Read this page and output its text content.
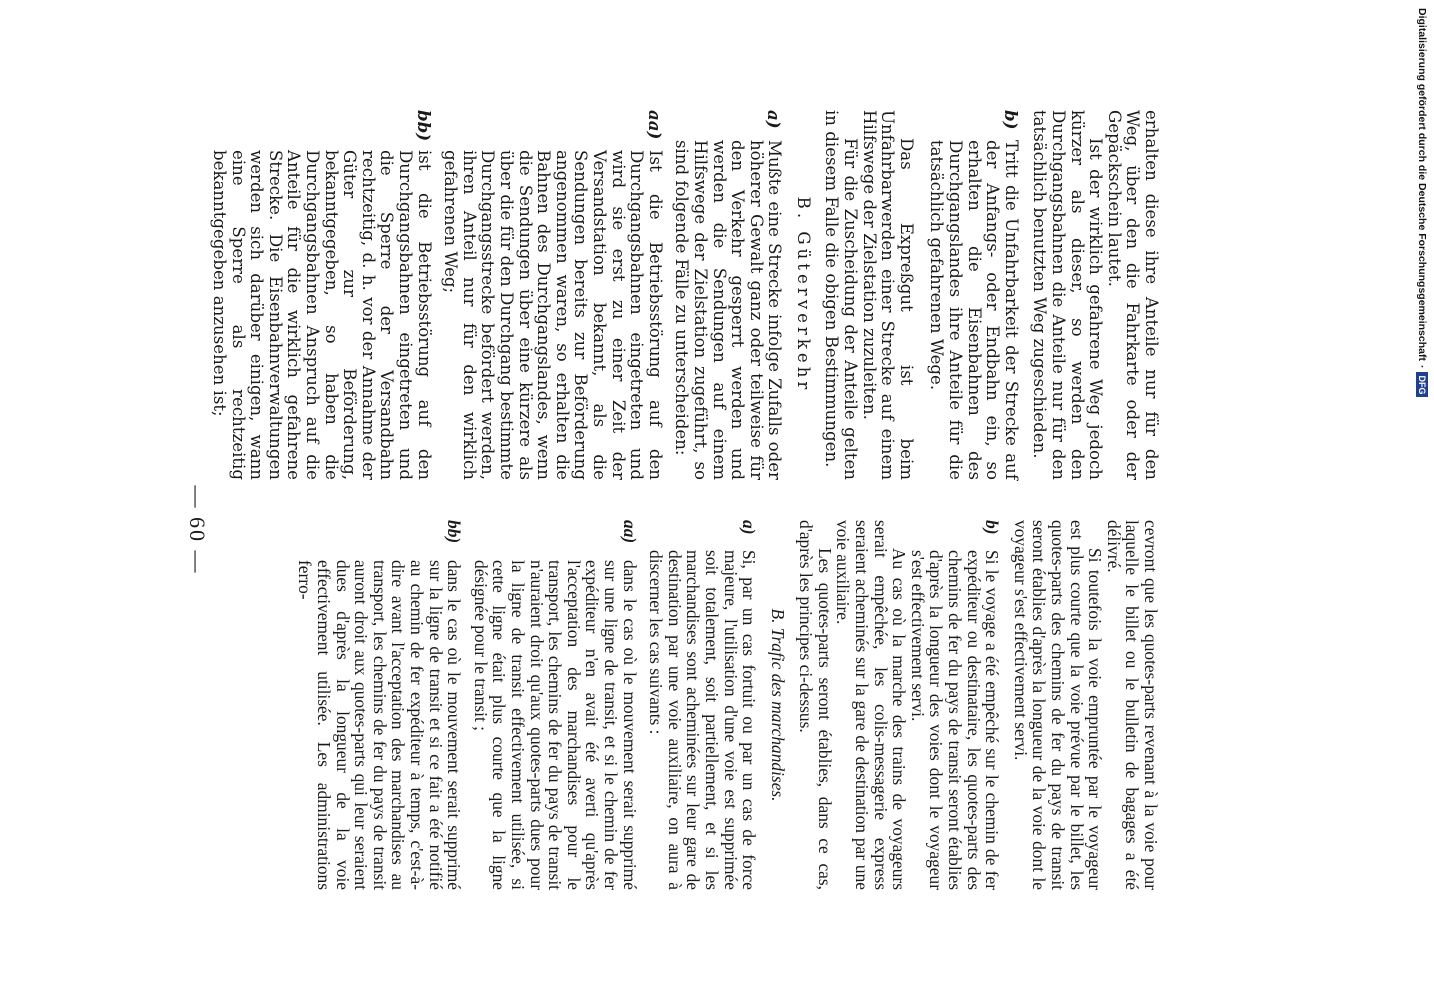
— 60 —	cevront que les quotes-parts revenant à la voie pour laquelle le billet ou le bulletin de bagages a été délivré.

Si toutefois la voie empruntée par le voyageur est plus courte que la voie prévue par le billet, les quotes-parts des chemins de fer du pays de transit seront établies d'après la longueur de la voie dont le voyageur s'est effectivement servi.

b)
Si le voyage a été empêché sur le chemin de fer expéditeur ou destinataire, les quotes-parts des chemins de fer du pays de transit seront établies d'après la longueur des voies dont le voyageur s'est effectivement servi.

Au cas où la marche des trains de voyageurs serait empêchée, les colis-messagerie express seraient acheminés sur la gare de destination par une voie auxiliaire.

Les quotes-parts seront établies, dans ce cas, d'après les principes ci-dessus.

B. Trafic des marchandises.
a)
Si, par un cas fortuit ou par un cas de force majeure, l'utilisation d'une voie est supprimée soit totalement, soit partiellement, et si les marchandises sont acheminées sur leur gare de destination par une voie auxiliaire, on aura à discerner les cas suivants :
aa)
dans le cas où le mouvement serait supprimé sur une ligne de transit, et si le chemin de fer expéditeur n'en avait été averti qu'après l'acceptation des marchandises pour le transport, les chemins de fer du pays de transit n'auraient droit qu'aux quotes-parts dues pour la ligne de transit effectivement utilisée, si cette ligne était plus courte que la ligne désignée pour le transit ;
bb)
dans le cas où le mouvement serait supprimé sur la ligne de transit et si ce fait a été notifié au chemin de fer expéditeur à temps, c'est-à-dire avant l'acceptation des marchandises au transport, les chemins de fer du pays de transit auront droit aux quotes-parts qui leur seraient dues d'après la longueur de la voie effectivement utilisée. Les administrations ferro-

erhalten diese ihre Anteile nur für den Weg, über den die Fahrkarte oder der Gepäckschein lautet.

Ist der wirklich gefahrene Weg jedoch kürzer als dieser, so werden den Durchgangsbahnen die Anteile nur für den tatsächlich benutzten Weg zugeschieden.

b)
Tritt die Unfahrbarkeit der Strecke auf der Anfangs- oder Endbahn ein, so erhalten die Eisenbahnen des Durchgangslandes ihre Anteile für die tatsächlich gefahrenen Wege.

Das Expreßgut ist beim Unfahrbarwerden einer Strecke auf einem Hilfswege der Zielstation zuzuleiten.

Für die Zuscheidung der Anteile gelten in diesem Falle die obigen Bestimmungen.

B. Güterverkehr
a)
Mußte eine Strecke infolge Zufalls oder höherer Gewalt ganz oder teilweise für den Verkehr gesperrt werden und werden die Sendungen auf einem Hilfswege der Zielstation zugeführt, so sind folgende Fälle zu unterscheiden:
aa)
Ist die Betriebsstörung auf den Durchgangsbahnen eingetreten und wird sie erst zu einer Zeit der Versandstation bekannt, als die Sendungen bereits zur Beförderung angenommen waren, so erhalten die Bahnen des Durchgangslandes, wenn die Sendungen über eine kürzere als über die für den Durchgang bestimmte Durchgangsstrecke befördert werden, ihren Anteil nur für den wirklich gefahrenen Weg;
bb)
ist die Betriebsstörung auf den Durchgangsbahnen eingetreten und die Sperre der Versandbahn rechtzeitig, d. h. vor der Annahme der Güter zur Beförderung, bekanntgegeben, so haben die Durchgangsbahnen Anspruch auf die Anteile für die wirklich gefahrene Strecke. Die Eisenbahnverwaltungen werden sich darüber einigen, wann eine Sperre als rechtzeitig bekanntgegeben anzusehen ist;	Digitalisierung gefördert durch die Deutsche Forschungsgemeinschaft
·
DFG
